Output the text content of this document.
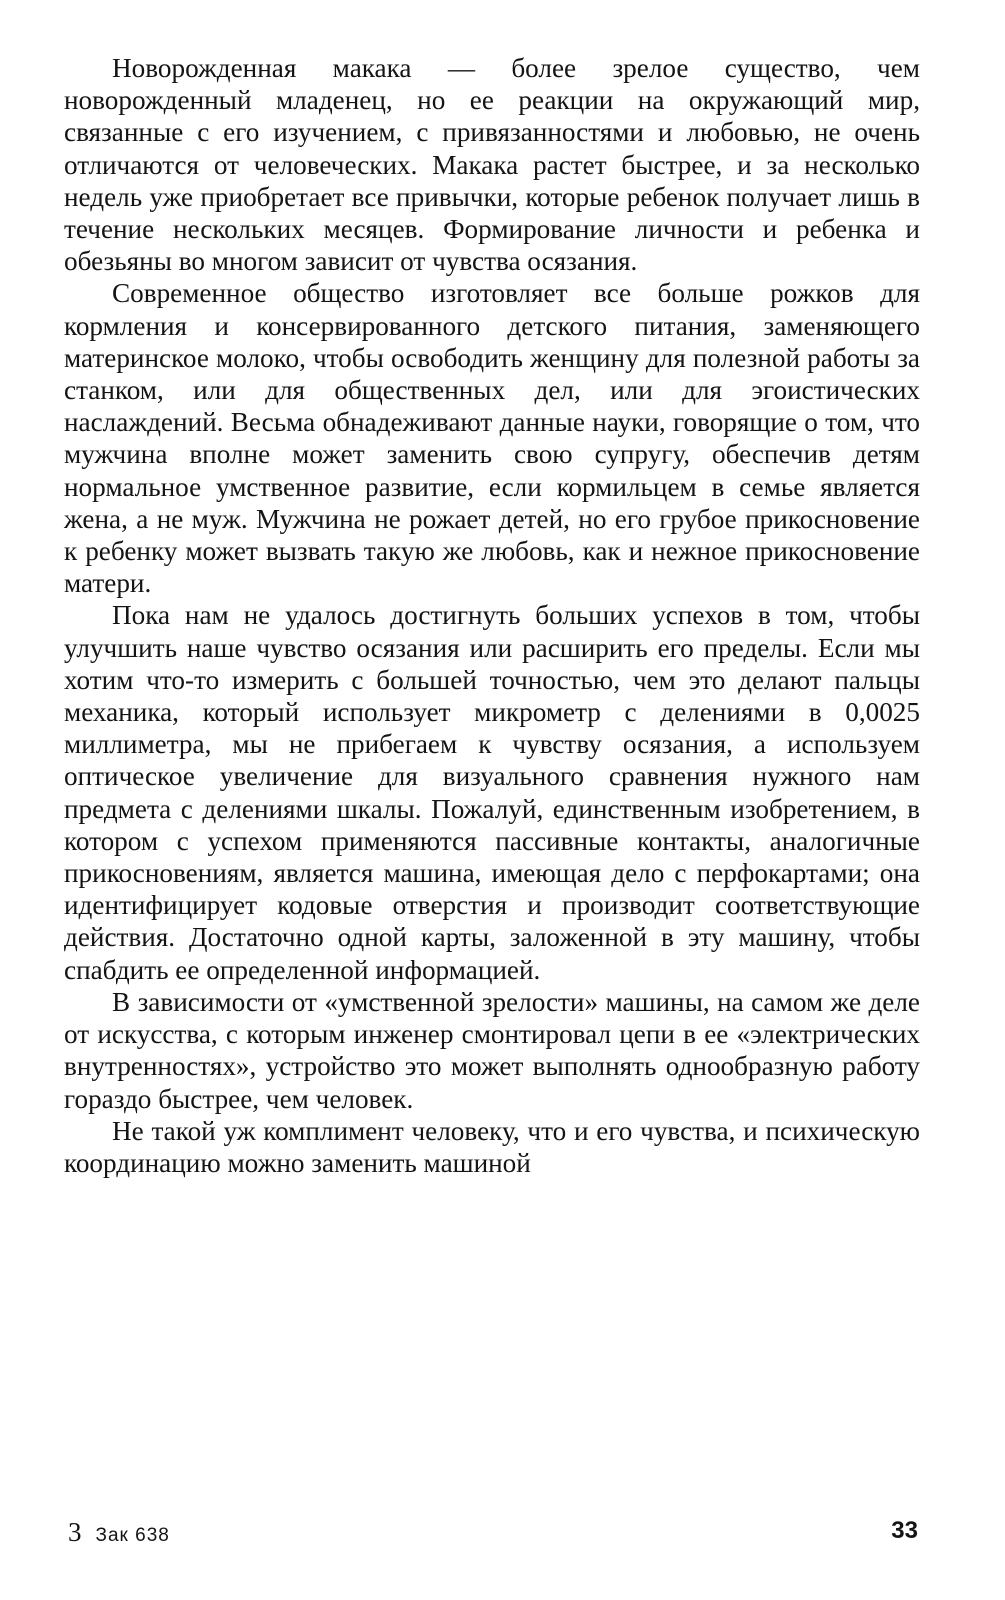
Новорожденная макака — более зрелое существо, чем новорожденный младенец, но ее реакции на окружающий мир, связанные с его изучением, с привязанностями и любовью, не очень отличаются от человеческих. Макака растет быстрее, и за несколько недель уже приобретает все привычки, которые ребенок получает лишь в течение нескольких месяцев. Формирование личности и ребенка и обезьяны во многом зависит от чувства осязания.

Современное общество изготовляет все больше рожков для кормления и консервированного детского питания, заменяющего материнское молоко, чтобы освободить женщину для полезной работы за станком, или для общественных дел, или для эгоистических наслаждений. Весьма обнадеживают данные науки, говорящие о том, что мужчина вполне может заменить свою супругу, обеспечив детям нормальное умственное развитие, если кормильцем в семье является жена, а не муж. Мужчина не рожает детей, но его грубое прикосновение к ребенку может вызвать такую же любовь, как и нежное прикосновение матери.

Пока нам не удалось достигнуть больших успехов в том, чтобы улучшить наше чувство осязания или расширить его пределы. Если мы хотим что-то измерить с большей точностью, чем это делают пальцы механика, который использует микрометр с делениями в 0,0025 миллиметра, мы не прибегаем к чувству осязания, а используем оптическое увеличение для визуального сравнения нужного нам предмета с делениями шкалы. Пожалуй, единственным изобретением, в котором с успехом применяются пассивные контакты, аналогичные прикосновениям, является машина, имеющая дело с перфокартами; она идентифицирует кодовые отверстия и производит соответствующие действия. Достаточно одной карты, заложенной в эту машину, чтобы спабдить ее определенной информацией.

В зависимости от «умственной зрелости» машины, на самом же деле от искусства, с которым инженер смонтировал цепи в ее «электрических внутренностях», устройство это может выполнять однообразную работу гораздо быстрее, чем человек.

Не такой уж комплимент человеку, что и его чувства, и психическую координацию можно заменить машиной

3 Зак 638	33
